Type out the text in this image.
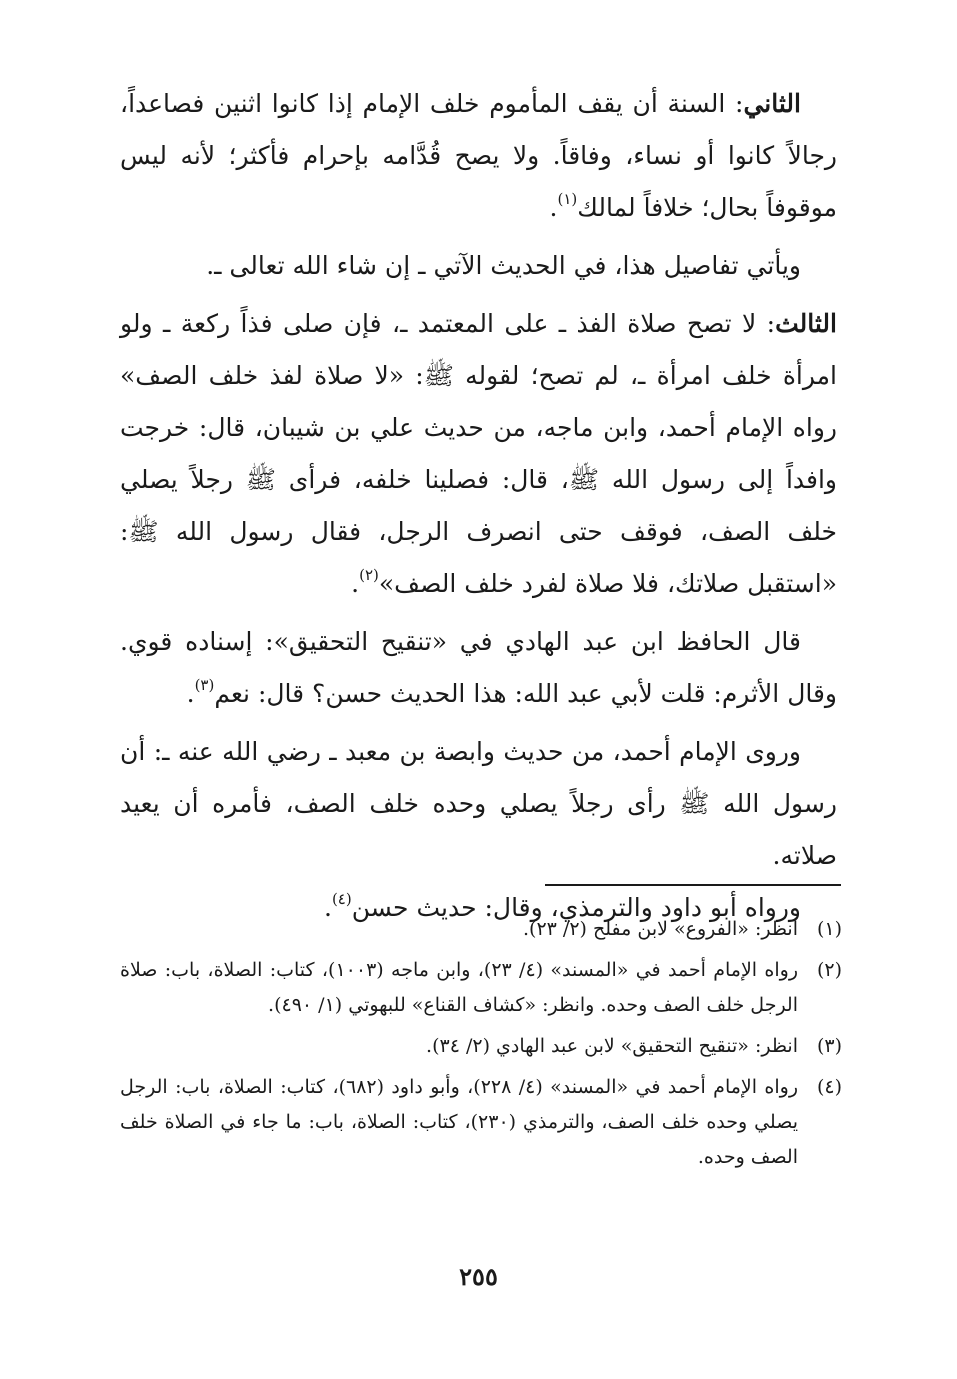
الثاني: السنة أن يقف المأموم خلف الإمام إذا كانوا اثنين فصاعداً، رجالاً كانوا أو نساء، وفاقاً. ولا يصح قُدَّامه بإحرام فأكثر؛ لأنه ليس موقوفاً بحال؛ خلافاً لمالك$^{(١)}$.

ويأتي تفاصيل هذا، في الحديث الآتي ـ إن شاء الله تعالى ـ.

الثالث: لا تصح صلاة الفذ ـ على المعتمد ـ، فإن صلى فذاً ركعة ـ ولو امرأة خلف امرأة ـ، لم تصح؛ لقوله ﷺ: «لا صلاة لفذ خلف الصف» رواه الإمام أحمد، وابن ماجه، من حديث علي بن شيبان، قال: خرجت وافداً إلى رسول الله ﷺ، قال: فصلينا خلفه، فرأى ﷺ رجلاً يصلي خلف الصف، فوقف حتى انصرف الرجل، فقال رسول الله ﷺ: «استقبل صلاتك، فلا صلاة لفرد خلف الصف»$^{(٢)}$.

قال الحافظ ابن عبد الهادي في «تنقيح التحقيق»: إسناده قوي. وقال الأثرم: قلت لأبي عبد الله: هذا الحديث حسن؟ قال: نعم$^{(٣)}$.

وروى الإمام أحمد، من حديث وابصة بن معبد ـ رضي الله عنه ـ: أن رسول الله ﷺ رأى رجلاً يصلي وحده خلف الصف، فأمره أن يعيد صلاته.

ورواه أبو داود والترمذي، وقال: حديث حسن$^{(٤)}$.

(١)
انظر: «الفروع» لابن مفلح (٢/ ٢٣).
(٢)
رواه الإمام أحمد في «المسند» (٤/ ٢٣)، وابن ماجه (١٠٠٣)، كتاب: الصلاة، باب: صلاة الرجل خلف الصف وحده. وانظر: «كشاف القناع» للبهوتي (١/ ٤٩٠).
(٣)
انظر: «تنقيح التحقيق» لابن عبد الهادي (٢/ ٣٤).
(٤)
رواه الإمام أحمد في «المسند» (٤/ ٢٢٨)، وأبو داود (٦٨٢)، كتاب: الصلاة، باب: الرجل يصلي وحده خلف الصف، والترمذي (٢٣٠)، كتاب: الصلاة، باب: ما جاء في الصلاة خلف الصف وحده.
٢٥٥
